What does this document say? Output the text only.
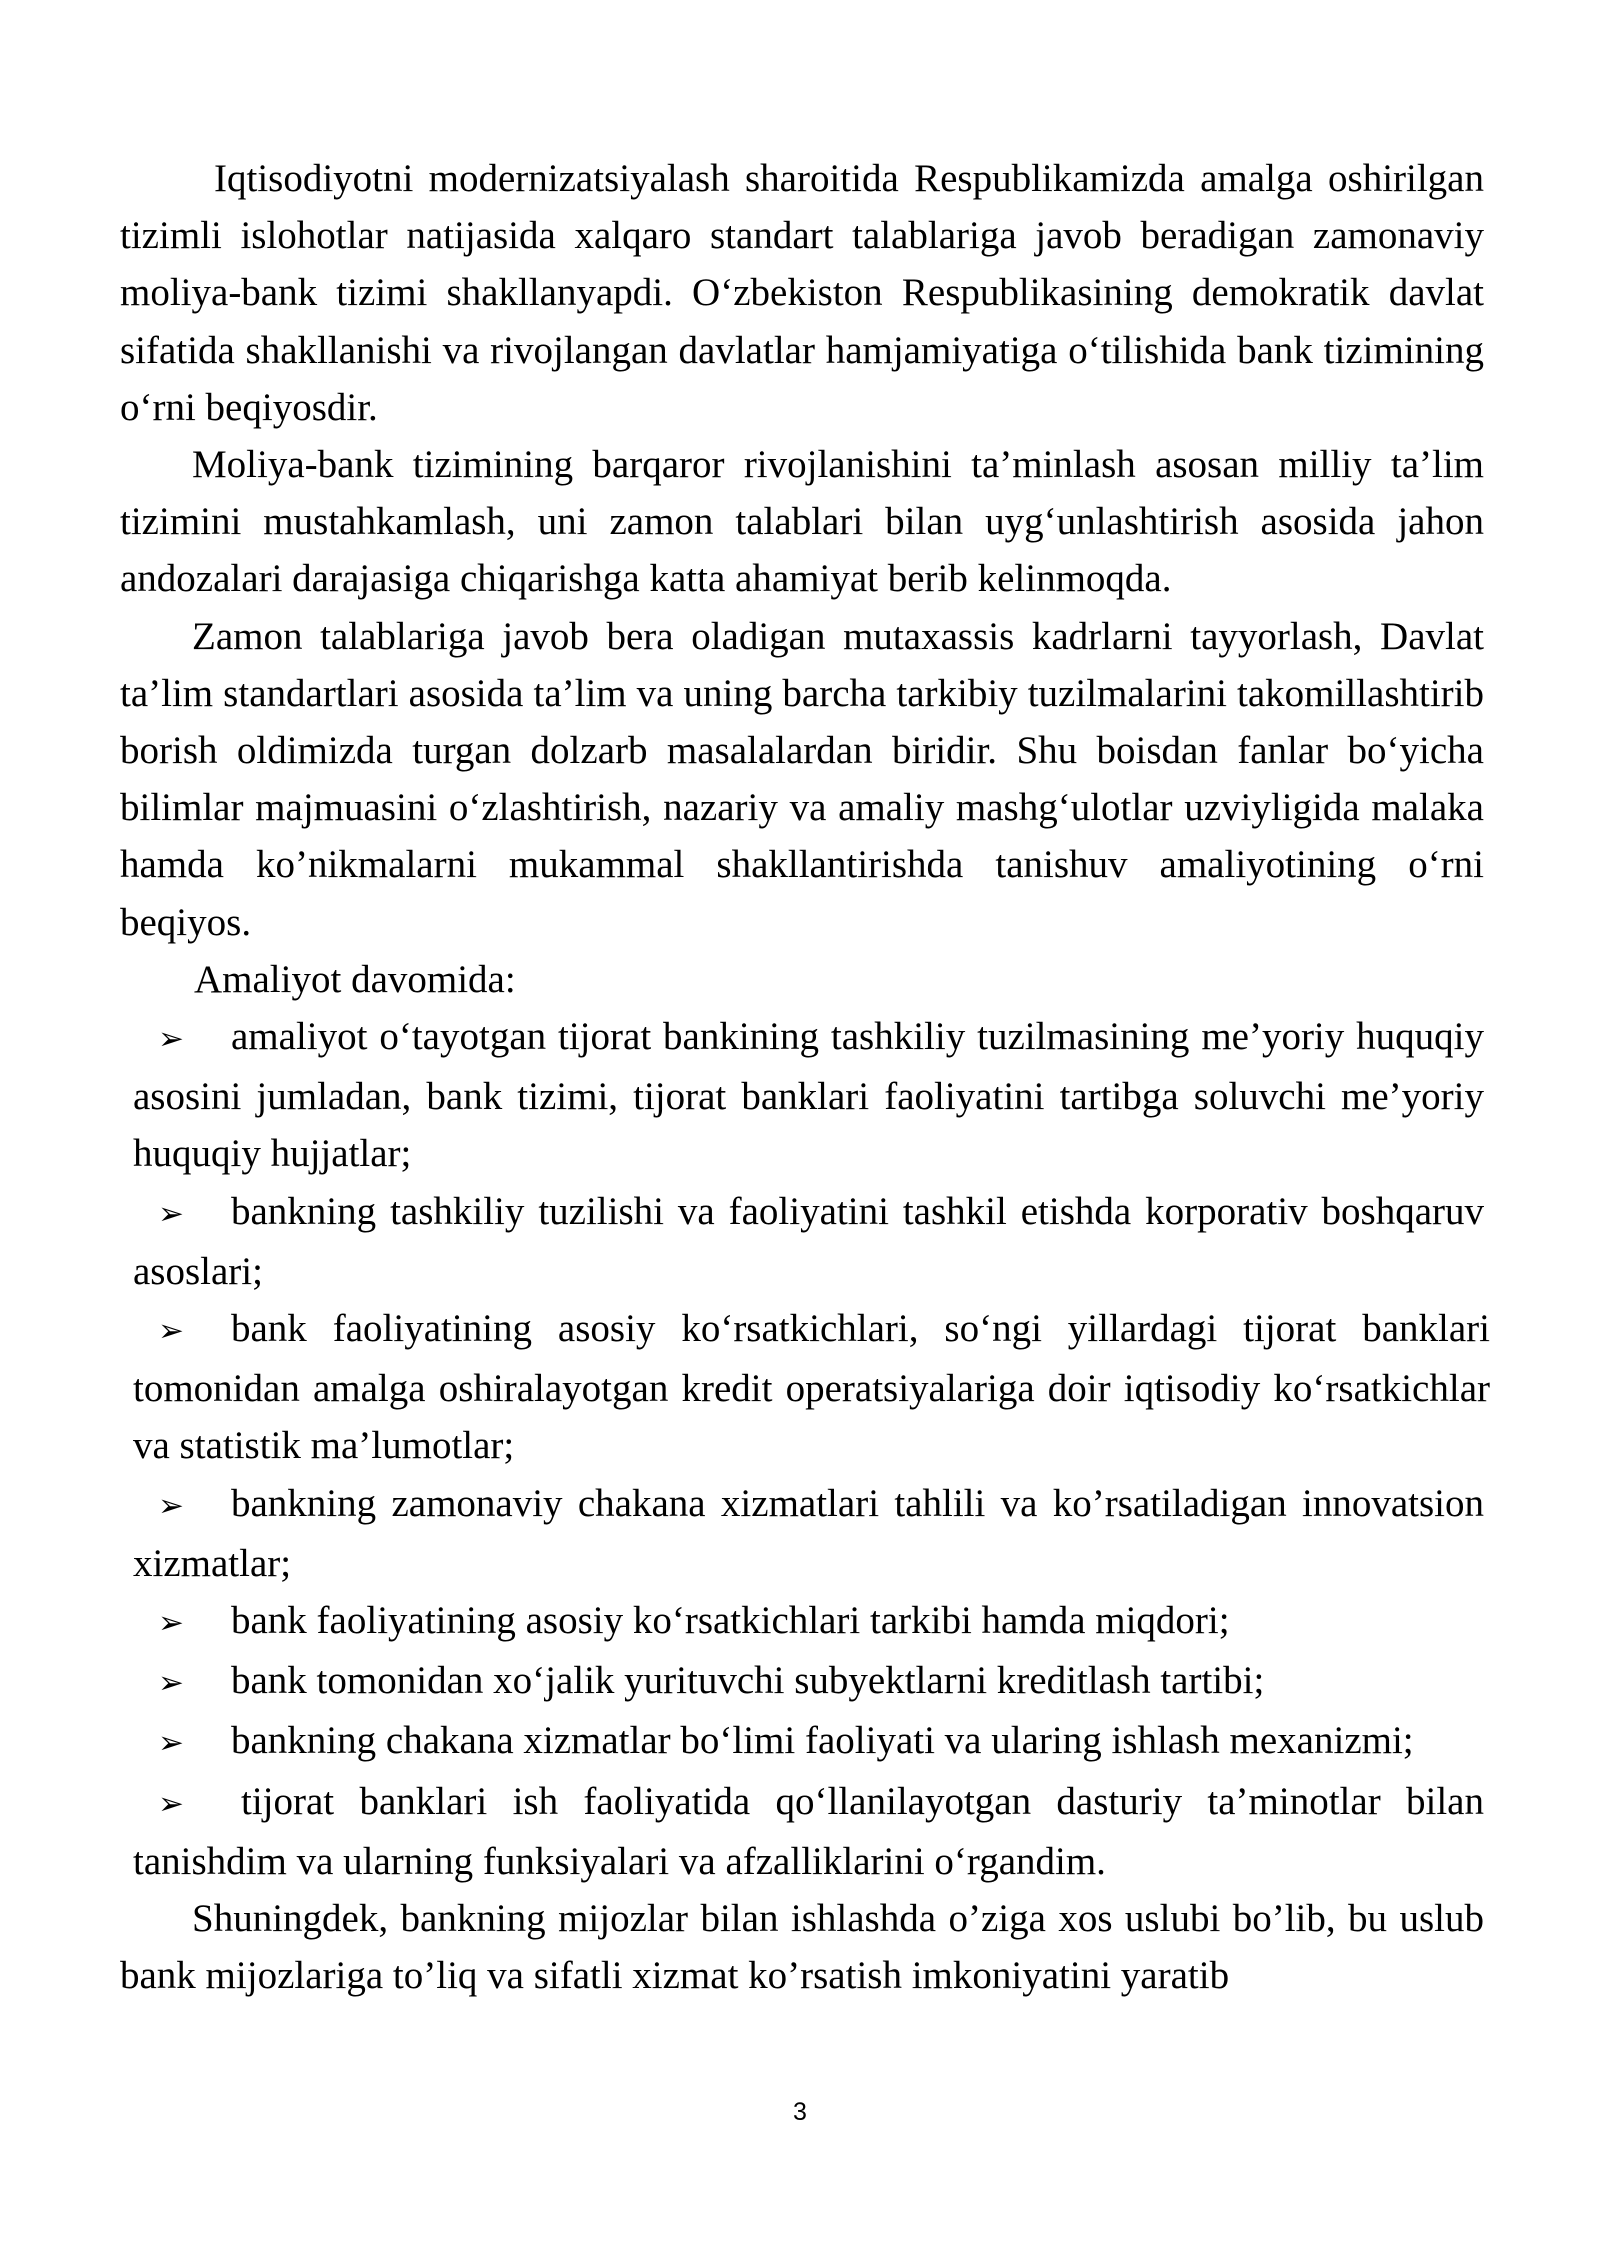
Iqtisodiyotni modernizatsiyalash sharoitida Respublikamizda amalga oshirilgan tizimli islohotlar natijasida xalqaro standart talablariga javob beradigan zamonaviy moliya-bank tizimi shakllanyapdi. O‘zbekiston Respublikasining demokratik davlat sifatida shakllanishi va rivojlangan davlatlar hamjamiyatiga o‘tilishida bank tizimining o‘rni beqiyosdir.

Moliya-bank tizimining barqaror rivojlanishini ta’minlash asosan milliy ta’lim tizimini mustahkamlash, uni zamon talablari bilan uyg‘unlashtirish asosida jahon andozalari darajasiga chiqarishga katta ahamiyat berib kelinmoqda.

Zamon talablariga javob bera oladigan mutaxassis kadrlarni tayyorlash, Davlat ta’lim standartlari asosida ta’lim va uning barcha tarkibiy tuzilmalarini takomillashtirib borish oldimizda turgan dolzarb masalalardan biridir. Shu boisdan fanlar bo‘yicha bilimlar majmuasini o‘zlashtirish, nazariy va amaliy mashg‘ulotlar uzviyligida malaka hamda ko’nikmalarni mukammal shakllantirishda tanishuv amaliyotining o‘rni beqiyos.

Amaliyot davomida:

➢ amaliyot o‘tayotgan tijorat bankining tashkiliy tuzilmasining me’yoriy huquqiy asosini jumladan, bank tizimi, tijorat banklari faoliyatini tartibga soluvchi me’yoriy huquqiy hujjatlar;
➢ bankning tashkiliy tuzilishi va faoliyatini tashkil etishda korporativ boshqaruv asoslari;
➢ bank faoliyatining asosiy ko‘rsatkichlari, so‘ngi yillardagi tijorat banklari tomonidan amalga oshiralayotgan kredit operatsiyalariga doir iqtisodiy ko‘rsatkichlar va statistik ma’lumotlar;
➢ bankning zamonaviy chakana xizmatlari tahlili va ko’rsatiladigan innovatsion xizmatlar;
➢ bank faoliyatining asosiy ko‘rsatkichlari tarkibi hamda miqdori;
➢ bank tomonidan xo‘jalik yurituvchi subyektlarni kreditlash tartibi;
➢ bankning chakana xizmatlar bo‘limi faoliyati va ularing ishlash mexanizmi;
➢ tijorat banklari ish faoliyatida qo‘llanilayotgan dasturiy ta’minotlar bilan tanishdim va ularning funksiyalari va afzalliklarini o‘rgandim.

Shuningdek, bankning mijozlar bilan ishlashda o’ziga xos uslubi bo’lib, bu uslub bank mijozlariga to’liq va sifatli xizmat ko’rsatish imkoniyatini yaratib

3
